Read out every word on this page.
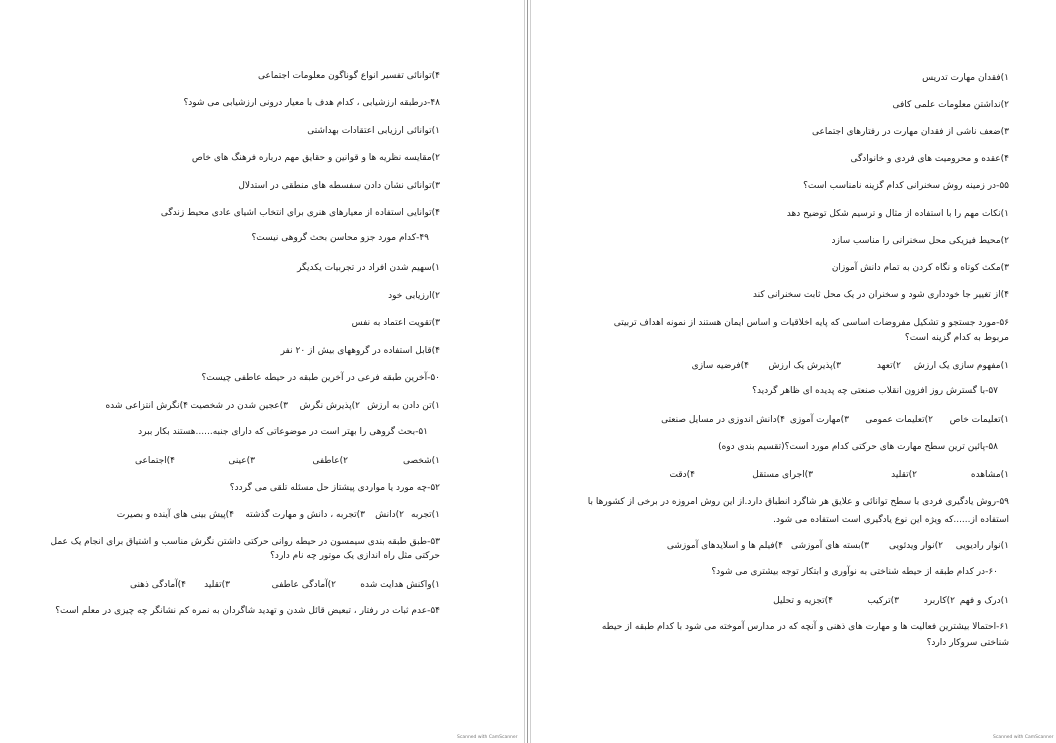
۴)توانائی تفسیر انواع گوناگون معلومات اجتماعی
۴۸-درطبقه ارزشیابی ، کدام هدف با معیار درونی ارزشیابی می شود؟
۱)توانائی ارزیابی اعتقادات بهداشتی
۲)مقایسه نظریه ها و قوانین و حقایق مهم درباره فرهنگ های خاص
۳)توانائی نشان دادن سفسطه های منطقی در استدلال
۴)توانایی استفاده از معیارهای هنری برای انتخاب اشیای عادی محیط زندگی
۴۹-کدام مورد جزو محاسن بحث گروهی نیست؟
۱)سهیم شدن افراد در تجربیات یکدیگر
۲)ارزیابی خود
۳)تقویت اعتماد به نفس
۴)قابل استفاده در گروههای بیش از ۲۰ نفر
۵۰-آخرین طبقه فرعی در آخرین طبقه در حیطه عاطفی چیست؟
۱)تن دادن به ارزش
۲)پذیرش نگرش
۳)عجین شدن در شخصیت
۴)نگرش انتزاعی شده
۵۱-بحث گروهی را بهتر است در موضوعاتی که دارای جنبه......هستند بکار ببرد
۱)شخصی
۲)عاطفی
۳)عینی
۴)اجتماعی
۵۲-چه مورد یا مواردی پیشتاز حل مسئله تلقی می گردد؟
۱)تجربه
۲)دانش
۳)تجربه ، دانش و مهارت گذشته
۴)پیش بینی های آینده و بصیرت
۵۳-طبق طبقه بندی سیمسون در حیطه روانی حرکتی داشتن نگرش مناسب و اشتیاق برای انجام یک عمل
حرکتی مثل راه اندازی یک موتور چه نام دارد؟
۱)واکنش هدایت شده
۲)آمادگی عاطفی
۳)تقلید
۴)آمادگی ذهنی
۵۴-عدم ثبات در رفتار ، تبعیض قائل شدن و تهدید شاگردان به نمره کم نشانگر چه چیزی در معلم است؟
Scanned with CamScanner
۱)فقدان مهارت تدریس
۲)نداشتن معلومات علمی کافی
۳)ضعف ناشی از فقدان مهارت در رفتارهای اجتماعی
۴)عقده و محرومیت های فردی و خانوادگی
۵۵-در زمینه روش سخنرانی کدام گزینه نامناسب است؟
۱)نکات مهم را با استفاده از مثال و ترسیم شکل توضیح دهد
۲)محیط فیزیکی محل سخنرانی را مناسب سازد
۳)مکث کوتاه و نگاه کردن به تمام دانش آموزان
۴)از تغییر جا خودداری شود و سخنران در یک محل ثابت سخنرانی کند
۵۶-مورد جستجو و تشکیل مفروضات اساسی که پایه اخلاقیات و اساس ایمان هستند از نمونه اهداف تربیتی
مربوط به کدام گزینه است؟
۱)مفهوم سازی یک ارزش
۲)تعهد
۳)پذیرش یک ارزش
۴)فرضیه سازی
۵۷-با گسترش روز افزون انقلاب صنعتی چه پدیده ای ظاهر گردید؟
۱)تعلیمات خاص
۲)تعلیمات عمومی
۳)مهارت آموزی
۴)دانش اندوزی در مسایل صنعتی
۵۸-پائین ترین سطح مهارت های حرکتی کدام مورد است؟(تقسیم بندی دوه)
۱)مشاهده
۲)تقلید
۳)اجرای مستقل
۴)دقت
۵۹-روش یادگیری فردی با سطح توانائی و علایق هر شاگرد انطباق دارد.از این روش امروزه در برخی از کشورها با
استفاده از......که ویژه این نوع یادگیری است استفاده می شود.
۱)نوار رادیویی
۲)نوار ویدئویی
۳)بسته های آموزشی
۴)فیلم ها و اسلایدهای آموزشی
۶۰-در کدام طبقه از حیطه شناختی به نوآوری و ابتکار توجه بیشتری می شود؟
۱)درک و فهم
۲)کاربرد
۳)ترکیب
۴)تجزیه و تحلیل
۶۱-احتمالا بیشترین فعالیت ها و مهارت های ذهنی و آنچه که در مدارس آموخته می شود با کدام طبقه از حیطه
شناختی سروکار دارد؟
Scanned with CamScanner
